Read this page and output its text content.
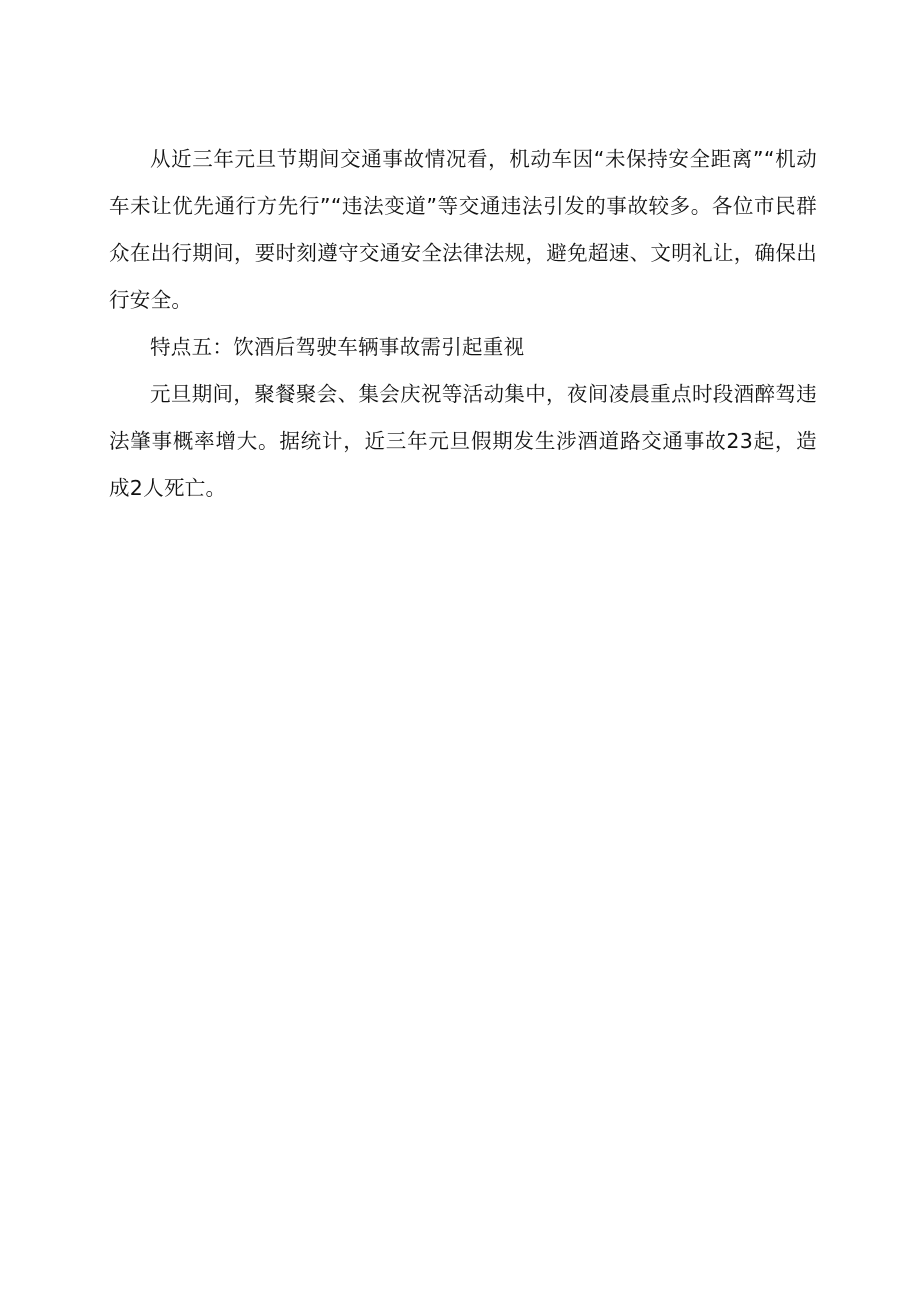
从近三年元旦节期间交通事故情况看，机动车因“未保持安全距离”“机动车未让优先通行方先行”“违法变道”等交通违法引发的事故较多。各位市民群众在出行期间，要时刻遵守交通安全法律法规，避免超速、文明礼让，确保出行安全。

特点五：饮酒后驾驶车辆事故需引起重视

元旦期间，聚餐聚会、集会庆祝等活动集中，夜间凌晨重点时段酒醉驾违法肇事概率增大。据统计，近三年元旦假期发生涉酒道路交通事故23起，造成2人死亡。
